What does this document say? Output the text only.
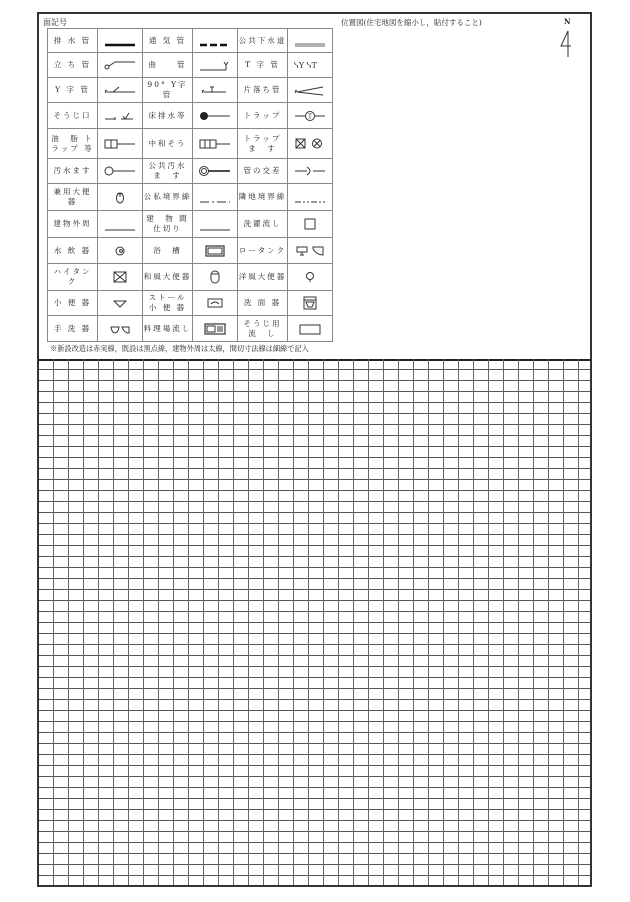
面記号
排 水 管		通 気 管		公共下水道	

立 ち 管		曲　　管		T 字 管	ᓭY ᓭT

Y 字 管		90° Y字管		片落ち管	

そうじ口		床排水等		トラップ	T

油　脂 トラップ 等		中和そう		トラップ ま　す	

汚水ます		公共汚水 ま　す		管の交差	

兼用大便 器		公私境界線		隣地境界線	

建物外周		建　物 間仕切り		洗濯流し	

水 飲 器		浴　槽		ロータンク	

ハイタン ク		和風大便器		洋風大便器	

小 便 器		ストール 小 便 器		洗 面 器	

手 洗 器		料理場流し		そうじ用 流　し	
※新設改造は赤実線，既設は黒点線，建物外周は太線，間切寸法線は細線で記入
位置図(住宅地図を縮小し，貼付すること)	N
